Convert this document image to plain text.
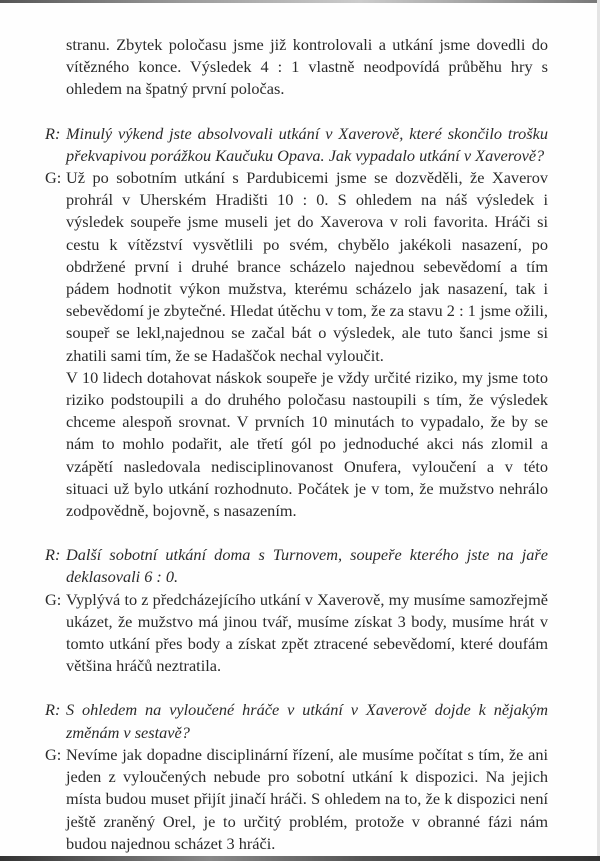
stranu. Zbytek poločasu jsme již kontrolovali a utkání jsme dovedli do vítězného konce. Výsledek 4 : 1 vlastně neodpovídá průběhu hry s ohledem na špatný první poločas.

R: Minulý výkend jste absolvovali utkání v Xaverově, které skončilo trošku překvapivou porážkou Kaučuku Opava. Jak vypadalo utkání v Xaverově?

G: Už po sobotním utkání s Pardubicemi jsme se dozvěděli, že Xaverov prohrál v Uherském Hradišti 10 : 0. S ohledem na náš výsledek i výsledek soupeře jsme museli jet do Xaverova v roli favorita. Hráči si cestu k vítězství vysvětlili po svém, chybělo jakékoli nasazení, po obdržené první i druhé brance scházelo najednou sebevědomí a tím pádem hodnotit výkon mužstva, kterému scházelo jak nasazení, tak i sebevědomí je zbytečné. Hledat útěchu v tom, že za stavu 2 : 1 jsme ožili, soupeř se lekl,najednou se začal bát o výsledek, ale tuto šanci jsme si zhatili sami tím, že se Hadaščok nechal vyloučit.

V 10 lidech dotahovat náskok soupeře je vždy určité riziko, my jsme toto riziko podstoupili a do druhého poločasu nastoupili s tím, že výsledek chceme alespoň srovnat. V prvních 10 minutách to vypadalo, že by se nám to mohlo podařit, ale třetí gól po jednoduché akci nás zlomil a vzápětí nasledovala nedisciplinovanost Onufera, vyloučení a v této situaci už bylo utkání rozhodnuto. Počátek je v tom, že mužstvo nehrálo zodpovědně, bojovně, s nasazením.

R: Další sobotní utkání doma s Turnovem, soupeře kterého jste na jaře deklasovali 6 : 0.

G: Vyplývá to z předcházejícího utkání v Xaverově, my musíme samozřejmě ukázet, že mužstvo má jinou tvář, musíme získat 3 body, musíme hrát v tomto utkání přes body a získat zpět ztracené sebevědomí, které doufám většina hráčů neztratila.

R: S ohledem na vyloučené hráče v utkání v Xaverově dojde k nějakým změnám v sestavě?

G: Nevíme jak dopadne disciplinární řízení, ale musíme počítat s tím, že ani jeden z vyloučených nebude pro sobotní utkání k dispozici. Na jejich místa budou muset přijít jinačí hráči. S ohledem na to, že k dispozici není ještě zraněný Orel, je to určitý problém, protože v obranné fázi nám budou najednou scházet 3 hráči.
